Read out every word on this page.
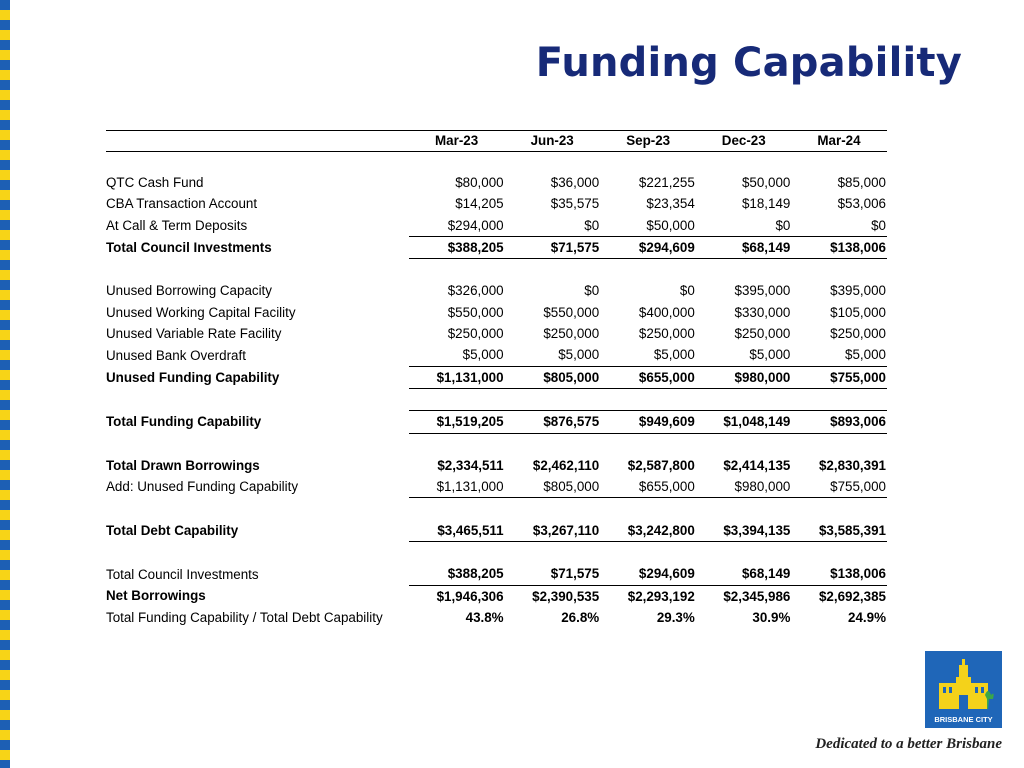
Funding Capability
	Mar-23	Jun-23	Sep-23	Dec-23	Mar-24

QTC Cash Fund	$80,000	$36,000	$221,255	$50,000	$85,000
CBA Transaction Account	$14,205	$35,575	$23,354	$18,149	$53,006
At Call & Term Deposits	$294,000	$0	$50,000	$0	$0
Total Council Investments	$388,205	$71,575	$294,609	$68,149	$138,006

Unused Borrowing Capacity	$326,000	$0	$0	$395,000	$395,000
Unused Working Capital Facility	$550,000	$550,000	$400,000	$330,000	$105,000
Unused Variable Rate Facility	$250,000	$250,000	$250,000	$250,000	$250,000
Unused Bank Overdraft	$5,000	$5,000	$5,000	$5,000	$5,000
Unused Funding Capability	$1,131,000	$805,000	$655,000	$980,000	$755,000

Total Funding Capability	$1,519,205	$876,575	$949,609	$1,048,149	$893,006

Total Drawn Borrowings	$2,334,511	$2,462,110	$2,587,800	$2,414,135	$2,830,391
Add: Unused Funding Capability	$1,131,000	$805,000	$655,000	$980,000	$755,000

Total Debt Capability	$3,465,511	$3,267,110	$3,242,800	$3,394,135	$3,585,391

Total Council Investments	$388,205	$71,575	$294,609	$68,149	$138,006
Net Borrowings	$1,946,306	$2,390,535	$2,293,192	$2,345,986	$2,692,385
Total Funding Capability / Total Debt Capability	43.8%	26.8%	29.3%	30.9%	24.9%
BRISBANE CITY
Dedicated to a better Brisbane
